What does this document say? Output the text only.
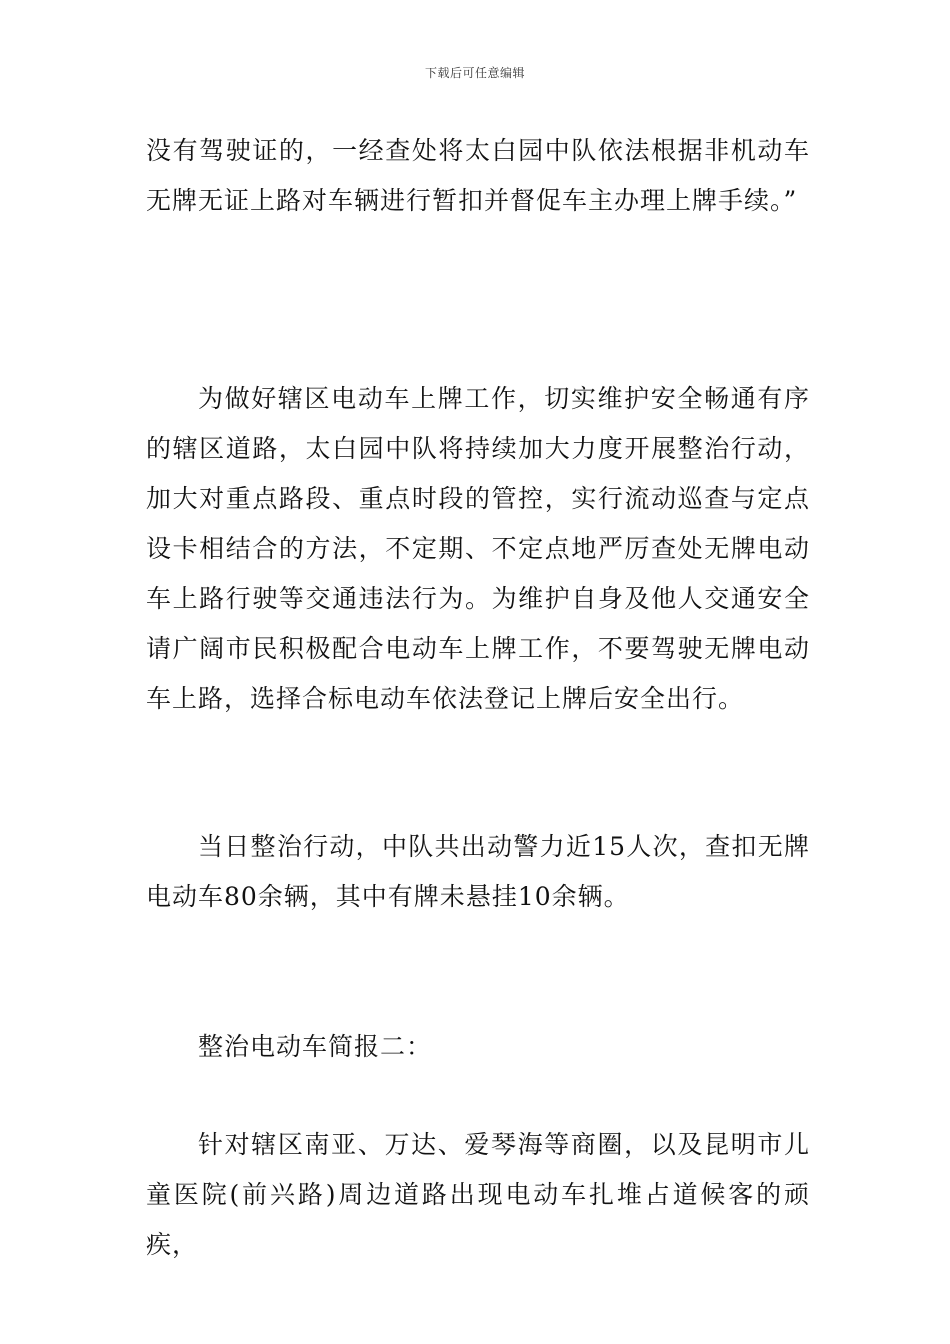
下载后可任意编辑

没有驾驶证的，一经查处将太白园中队依法根据非机动车无牌无证上路对车辆进行暂扣并督促车主办理上牌手续。”

为做好辖区电动车上牌工作，切实维护安全畅通有序的辖区道路，太白园中队将持续加大力度开展整治行动，加大对重点路段、重点时段的管控，实行流动巡查与定点设卡相结合的方法，不定期、不定点地严厉查处无牌电动车上路行驶等交通违法行为。为维护自身及他人交通安全请广阔市民积极配合电动车上牌工作，不要驾驶无牌电动车上路，选择合标电动车依法登记上牌后安全出行。

当日整治行动，中队共出动警力近15人次，查扣无牌电动车80余辆，其中有牌未悬挂10余辆。

整治电动车简报二：

针对辖区南亚、万达、爱琴海等商圈，以及昆明市儿童医院(前兴路)周边道路出现电动车扎堆占道候客的顽疾，
